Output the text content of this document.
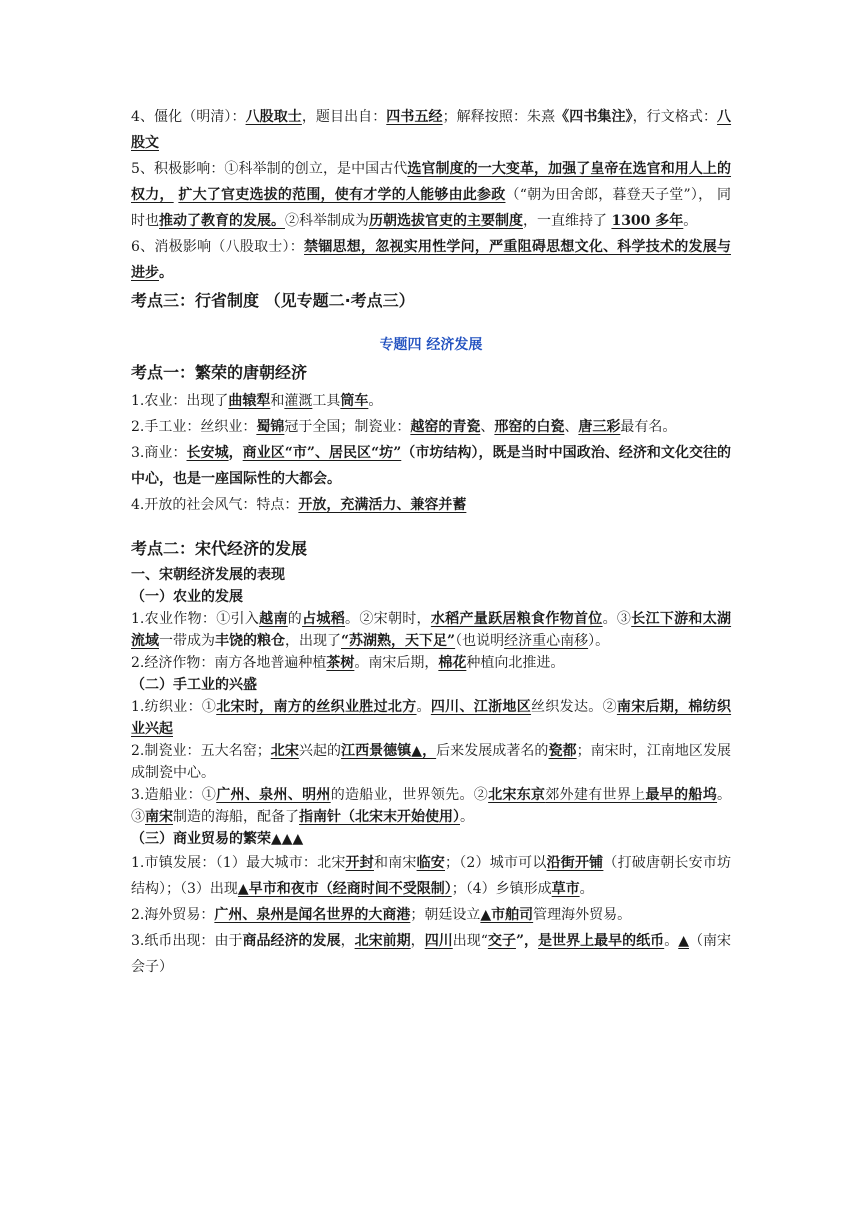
4、僵化（明清）：八股取士，题目出自：四书五经；解释按照：朱熹《四书集注》，行文格式：八股文

5、积极影响：①科举制的创立，是中国古代选官制度的一大变革，加强了皇帝在选官和用人上的权力， 扩大了官吏选拔的范围，使有才学的人能够由此参政（“朝为田舍郎，暮登天子堂”）， 同时也推动了教育的发展。②科举制成为历朝选拔官吏的主要制度，一直维持了 1300 多年。

6、消极影响（八股取士）：禁锢思想，忽视实用性学问，严重阻碍思想文化、科学技术的发展与进步。

考点三：行省制度 （见专题二·考点三）
专题四 经济发展
考点一：繁荣的唐朝经济

1.农业：出现了曲辕犁和灌溉工具筒车。

2.手工业：丝织业：蜀锦冠于全国；制瓷业：越窑的青瓷、邢窑的白瓷、唐三彩最有名。

3.商业：长安城，商业区“市”、居民区“坊”（市坊结构），既是当时中国政治、经济和文化交往的中心，也是一座国际性的大都会。

4.开放的社会风气：特点：开放，充满活力、兼容并蓄

考点二：宋代经济的发展
一、宋朝经济发展的表现
（一）农业的发展

1.农业作物：①引入越南的占城稻。②宋朝时，水稻产量跃居粮食作物首位。③长江下游和太湖流域一带成为丰饶的粮仓，出现了“苏湖熟，天下足”（也说明经济重心南移）。

2.经济作物：南方各地普遍种植茶树。南宋后期，棉花种植向北推进。

（二）手工业的兴盛

1.纺织业：①北宋时，南方的丝织业胜过北方。四川、江浙地区丝织发达。②南宋后期，棉纺织业兴起

2.制瓷业：五大名窑；北宋兴起的江西景德镇▲，后来发展成著名的瓷都；南宋时，江南地区发展成制瓷中心。

3.造船业：①广州、泉州、明州的造船业，世界领先。②北宋东京郊外建有世界上最早的船坞。③南宋制造的海船，配备了指南针（北宋末开始使用）。

（三）商业贸易的繁荣▲▲▲

1.市镇发展：（1）最大城市：北宋开封和南宋临安；（2）城市可以沿街开铺（打破唐朝长安市坊结构）；（3）出现▲早市和夜市（经商时间不受限制）；（4）乡镇形成草市。

2.海外贸易：广州、泉州是闻名世界的大商港；朝廷设立▲市舶司管理海外贸易。

3.纸币出现：由于商品经济的发展，北宋前期，四川出现“交子”，是世界上最早的纸币。▲（南宋会子）
